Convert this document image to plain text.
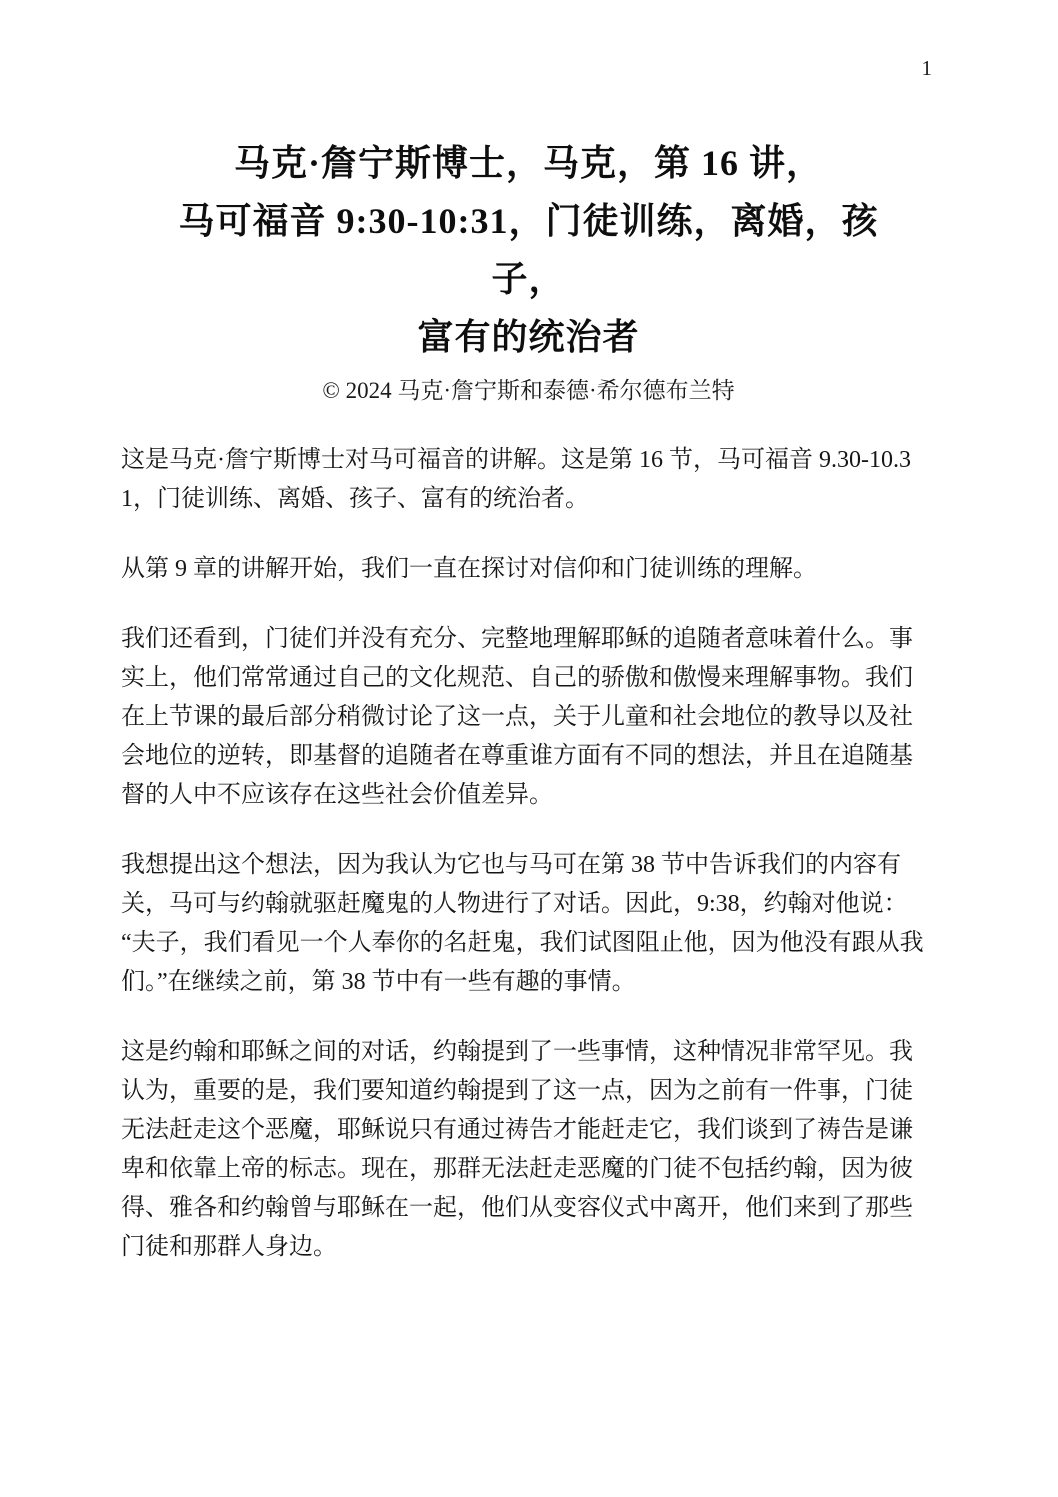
1
马克·詹宁斯博士，马克，第 16 讲，
马可福音 9:30-10:31，门徒训练，离婚，孩
子，
富有的统治者
© 2024 马克·詹宁斯和泰德·希尔德布兰特

这是马克·詹宁斯博士对马可福音的讲解。这是第 16 节，马可福音 9.30-10.31，门徒训练、离婚、孩子、富有的统治者。

从第 9 章的讲解开始，我们一直在探讨对信仰和门徒训练的理解。

我们还看到，门徒们并没有充分、完整地理解耶稣的追随者意味着什么。事实上，他们常常通过自己的文化规范、自己的骄傲和傲慢来理解事物。我们在上节课的最后部分稍微讨论了这一点，关于儿童和社会地位的教导以及社会地位的逆转，即基督的追随者在尊重谁方面有不同的想法，并且在追随基督的人中不应该存在这些社会价值差异。

我想提出这个想法，因为我认为它也与马可在第 38 节中告诉我们的内容有关，马可与约翰就驱赶魔鬼的人物进行了对话。因此，9:38，约翰对他说：“夫子，我们看见一个人奉你的名赶鬼，我们试图阻止他，因为他没有跟从我们。”在继续之前，第 38 节中有一些有趣的事情。

这是约翰和耶稣之间的对话，约翰提到了一些事情，这种情况非常罕见。我认为，重要的是，我们要知道约翰提到了这一点，因为之前有一件事，门徒无法赶走这个恶魔，耶稣说只有通过祷告才能赶走它，我们谈到了祷告是谦卑和依靠上帝的标志。现在，那群无法赶走恶魔的门徒不包括约翰，因为彼得、雅各和约翰曾与耶稣在一起，他们从变容仪式中离开，他们来到了那些门徒和那群人身边。
